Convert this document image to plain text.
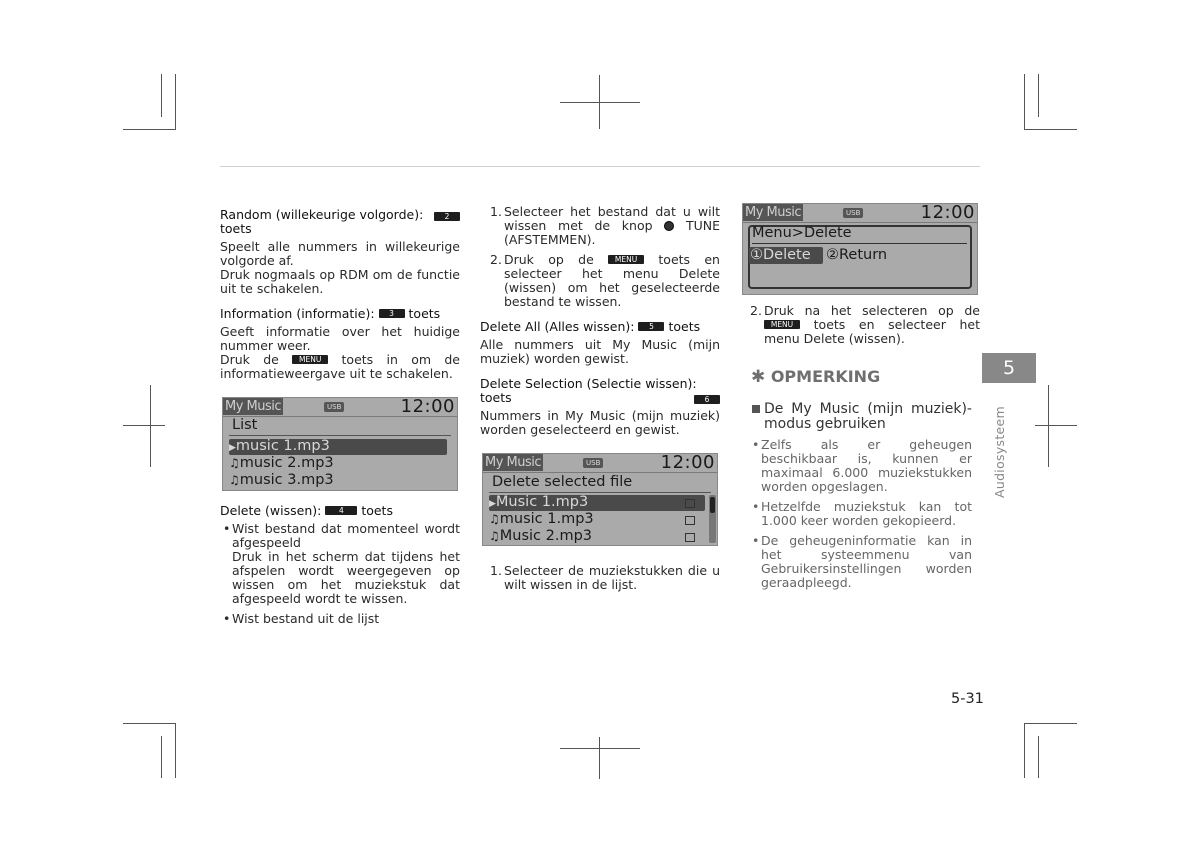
Random (willekeurige volgorde):	2

toets

Speelt alle nummers in willekeurige volgorde af.

Druk nogmaals op RDM om de functie uit te schakelen.

Information (informatie): 3 toets

Geeft informatie over het huidige nummer weer.

Druk de	MENU toets in om de informatieweergave uit te schakelen.

My Music	USB	12:00
List
▶music 1.mp3
♫music 2.mp3
♫music 3.mp3

Delete (wissen): 4 toets

• Wist bestand dat momenteel wordt afgespeeld
Druk in het scherm dat tijdens het afspelen wordt weergegeven op wissen om het muziekstuk dat afgespeeld wordt te wissen.
• Wist bestand uit de lijst
1. Selecteer het bestand dat u wilt wissen met de knop	TUNE (AFSTEMMEN).
2. Druk op de	MENU toets en selecteer het menu Delete (wissen) om het geselecteerde bestand te wissen.

Delete All (Alles wissen): 5 toets

Alle nummers uit My Music (mijn muziek) worden gewist.

Delete Selection (Selectie wissen):
6

toets

Nummers in My Music (mijn muziek) worden geselecteerd en gewist.

My Music	USB	12:00
Delete selected file
▶Music 1.mp3
♫music 1.mp3
♫Music 2.mp3
1. Selecteer de muziekstukken die u wilt wissen in de lijst.
My Music	USB	12:00
Menu>Delete
①Delete ②Return
2. Druk na het selecteren op de MENU toets en selecteer het menu Delete (wissen).
✱ OPMERKING
De My Music (mijn muziek)-modus gebruiken
• Zelfs als er geheugen beschikbaar is, kunnen er maximaal 6.000 muziekstukken worden opgeslagen.
• Hetzelfde muziekstuk kan tot 1.000 keer worden gekopieerd.
• De geheugeninformatie kan in het systeemmenu van Gebruikersinstellingen worden geraadpleegd.
5
Audiosysteem
5-31
